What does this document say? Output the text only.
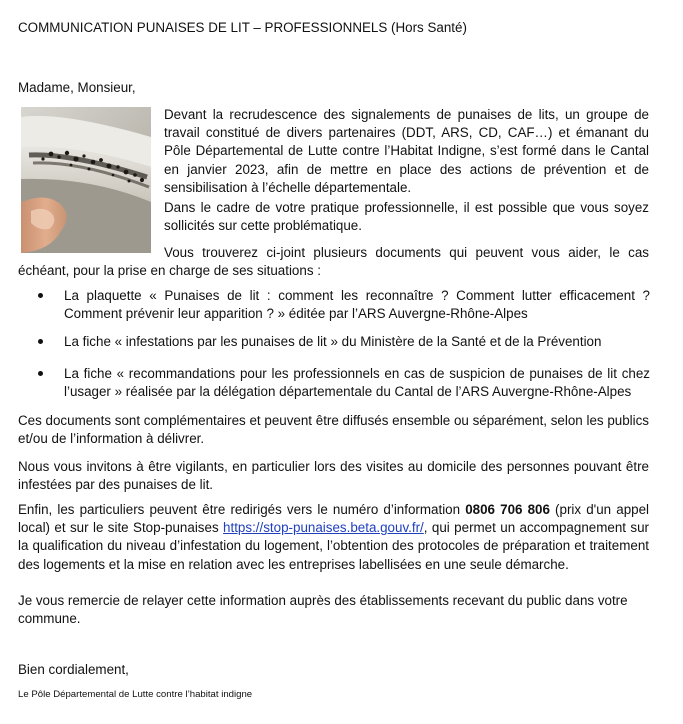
COMMUNICATION PUNAISES DE LIT – PROFESSIONNELS (Hors Santé)
Madame, Monsieur,
Devant la recrudescence des signalements de punaises de lits, un groupe de travail constitué de divers partenaires (DDT, ARS, CD, CAF…) et émanant du Pôle Départemental de Lutte contre l’Habitat Indigne, s’est formé dans le Cantal en janvier 2023, afin de mettre en place des actions de prévention et de sensibilisation à l’échelle départementale.
Dans le cadre de votre pratique professionnelle, il est possible que vous soyez sollicités sur cette problématique.
Vous trouverez ci-joint plusieurs documents qui peuvent vous aider, le cas
échéant, pour la prise en charge de ses situations :
La plaquette « Punaises de lit : comment les reconnaître ? Comment lutter efficacement ? Comment prévenir leur apparition ? » éditée par l’ARS Auvergne-Rhône-Alpes
La fiche « infestations par les punaises de lit » du Ministère de la Santé et de la Prévention
La fiche « recommandations pour les professionnels en cas de suspicion de punaises de lit chez l’usager » réalisée par la délégation départementale du Cantal de l’ARS Auvergne-Rhône-Alpes
Ces documents sont complémentaires et peuvent être diffusés ensemble ou séparément, selon les publics et/ou de l’information à délivrer.
Nous vous invitons à être vigilants, en particulier lors des visites au domicile des personnes pouvant être infestées par des punaises de lit.
Enfin, les particuliers peuvent être redirigés vers le numéro d’information 0806 706 806 (prix d'un appel local) et sur le site Stop-punaises https://stop-punaises.beta.gouv.fr/, qui permet un accompagnement sur la qualification du niveau d’infestation du logement, l’obtention des protocoles de préparation et traitement des logements et la mise en relation avec les entreprises labellisées en une seule démarche.
Je vous remercie de relayer cette information auprès des établissements recevant du public dans votre commune.
Bien cordialement,
Le Pôle Départemental de Lutte contre l’habitat indigne
